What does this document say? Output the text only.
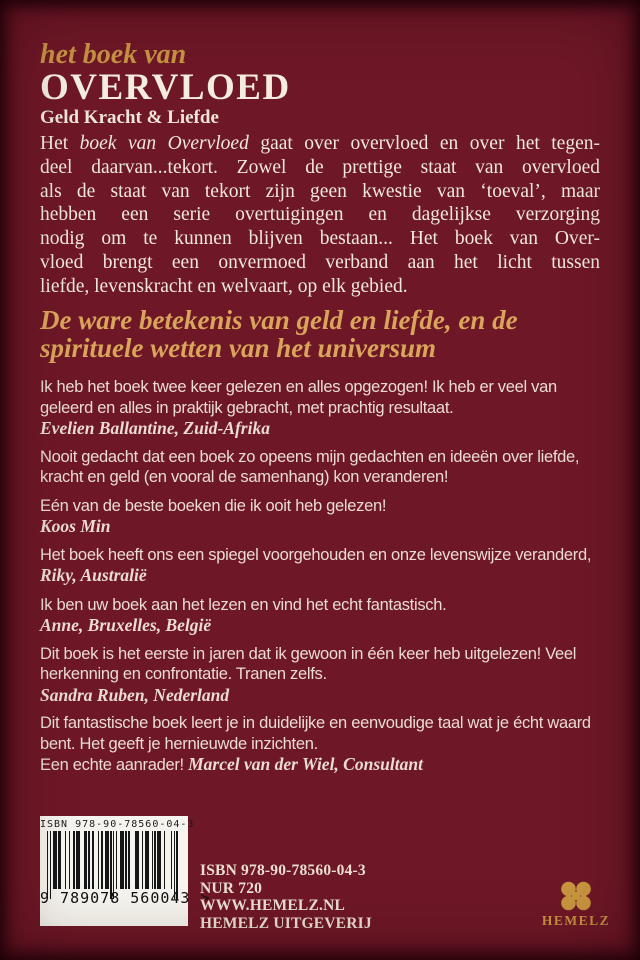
het boek van
OVERVLOED
Geld Kracht & Liefde
Het boek van Overvloed gaat over overvloed en over het tegen-
deel daarvan...tekort. Zowel de prettige staat van overvloed
als de staat van tekort zijn geen kwestie van ‘toeval’, maar
hebben een serie overtuigingen en dagelijkse verzorging
nodig om te kunnen blijven bestaan... Het boek van Over-
vloed brengt een onvermoed verband aan het licht tussen
liefde, levenskracht en welvaart, op elk gebied.
De ware betekenis van geld en liefde, en de
spirituele wetten van het universum

Ik heb het boek twee keer gelezen en alles opgezogen! Ik heb er veel van geleerd en alles in praktijk gebracht, met prachtig resultaat.

Evelien Ballantine, Zuid-Afrika

Nooit gedacht dat een boek zo opeens mijn gedachten en ideeën over liefde, kracht en geld (en vooral de samenhang) kon veranderen!

Eén van de beste boeken die ik ooit heb gelezen!

Koos Min

Het boek heeft ons een spiegel voorgehouden en onze levenswijze veranderd, Riky, Australië

Ik ben uw boek aan het lezen en vind het echt fantastisch.

Anne, Bruxelles, België

Dit boek is het eerste in jaren dat ik gewoon in één keer heb uitgelezen! Veel herkenning en confrontatie. Tranen zelfs.

Sandra Ruben, Nederland

Dit fantastische boek leert je in duidelijke en eenvoudige taal wat je écht waard bent. Het geeft je hernieuwde inzichten.
Een echte aanrader! Marcel van der Wiel, Consultant

ISBN 978-90-78560-04-3
9 789078 560043 >
ISBN 978-90-78560-04-3
NUR 720
WWW.HEMELZ.NL
HEMELZ UITGEVERIJ	HEMELZ
